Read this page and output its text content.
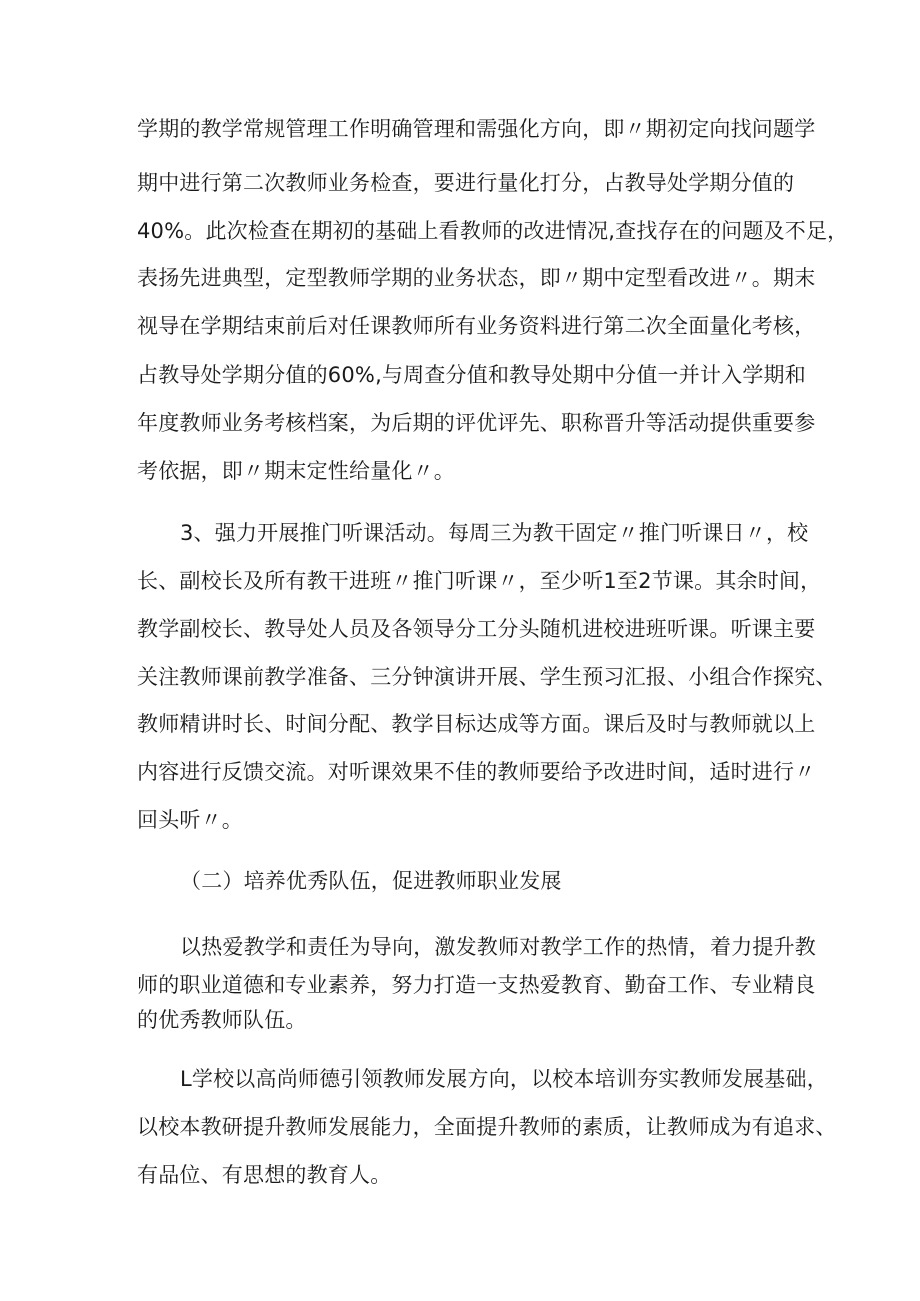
学期的教学常规管理工作明确管理和需强化方向，即〃期初定向找问题学
期中进行第二次教师业务检查，要进行量化打分，占教导处学期分值的
40%。此次检查在期初的基础上看教师的改进情况,查找存在的问题及不足，
表扬先进典型，定型教师学期的业务状态，即〃期中定型看改进〃。期末
视导在学期结束前后对任课教师所有业务资料进行第二次全面量化考核，
占教导处学期分值的60%,与周查分值和教导处期中分值一并计入学期和
年度教师业务考核档案，为后期的评优评先、职称晋升等活动提供重要参
考依据，即〃期末定性给量化〃。
3、强力开展推门听课活动。每周三为教干固定〃推门听课日〃，校
长、副校长及所有教干进班〃推门听课〃，至少听1至2节课。其余时间，
教学副校长、教导处人员及各领导分工分头随机进校进班听课。听课主要
关注教师课前教学准备、三分钟演讲开展、学生预习汇报、小组合作探究、
教师精讲时长、时间分配、教学目标达成等方面。课后及时与教师就以上
内容进行反馈交流。对听课效果不佳的教师要给予改进时间，适时进行〃
回头听〃。
（二）培养优秀队伍，促进教师职业发展
以热爱教学和责任为导向，激发教师对教学工作的热情，着力提升教
师的职业道德和专业素养，努力打造一支热爱教育、勤奋工作、专业精良
的优秀教师队伍。
L学校以高尚师德引领教师发展方向，以校本培训夯实教师发展基础，
以校本教研提升教师发展能力，全面提升教师的素质，让教师成为有追求、
有品位、有思想的教育人。
